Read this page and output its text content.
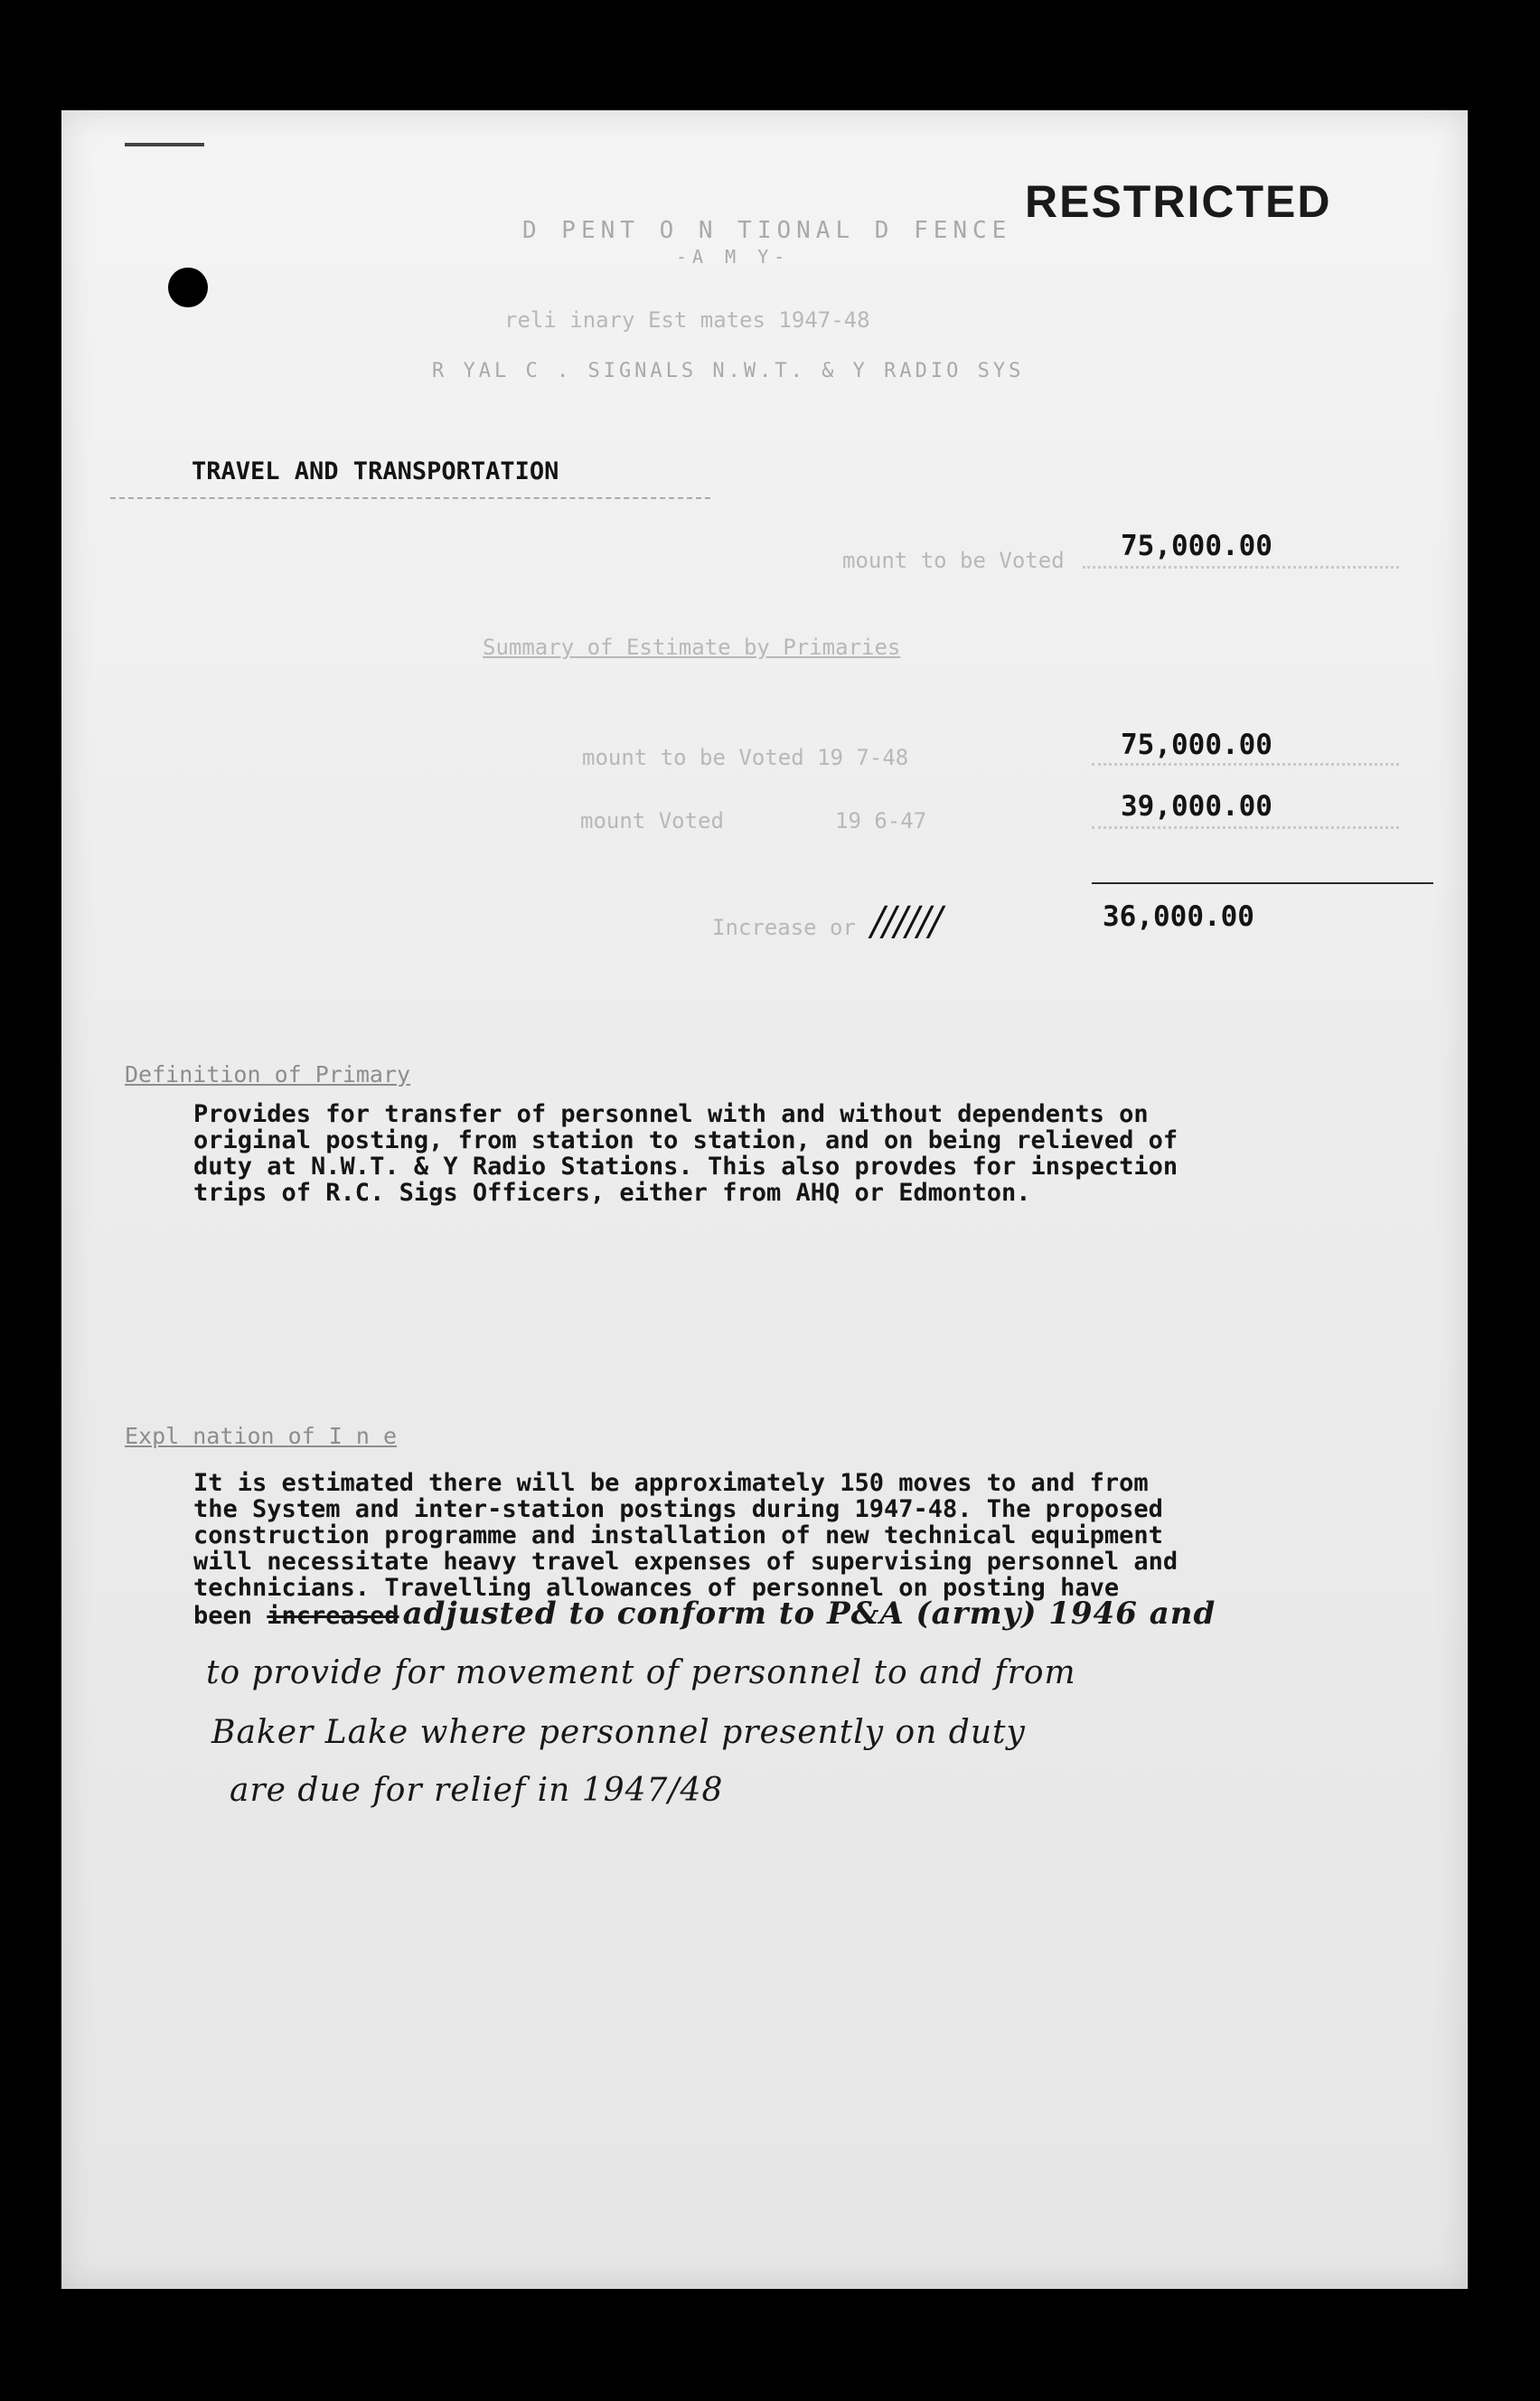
RESTRICTED
D PENT O N TIONAL D FENCE
-A M Y-
reli inary Est mates 1947-48
R YAL C . SIGNALS N.W.T. & Y RADIO SYS
TRAVEL AND TRANSPORTATION
mount to be Voted 75,000.00
Summary of Estimate by Primaries
mount to be Voted 19 7-48	75,000.00
mount Voted	19 6-47	39,000.00
Increase or //////	36,000.00
Definition of Primary
Provides for transfer of personnel with and without dependents on
original posting, from station to station, and on being relieved of
duty at N.W.T. & Y Radio Stations. This also provdes for inspection
trips of R.C. Sigs Officers, either from AHQ or Edmonton.
Expl nation of I n e
It is estimated there will be approximately 150 moves to and from
the System and inter-station postings during 1947-48. The proposed
construction programme and installation of new technical equipment
will necessitate heavy travel expenses of supervising personnel and
technicians. Travelling allowances of personnel on posting have
been increased adjusted to conform to P&A (army) 1946 and
to provide for movement of personnel to and from
Baker Lake where personnel presently on duty
are due for relief in 1947/48
